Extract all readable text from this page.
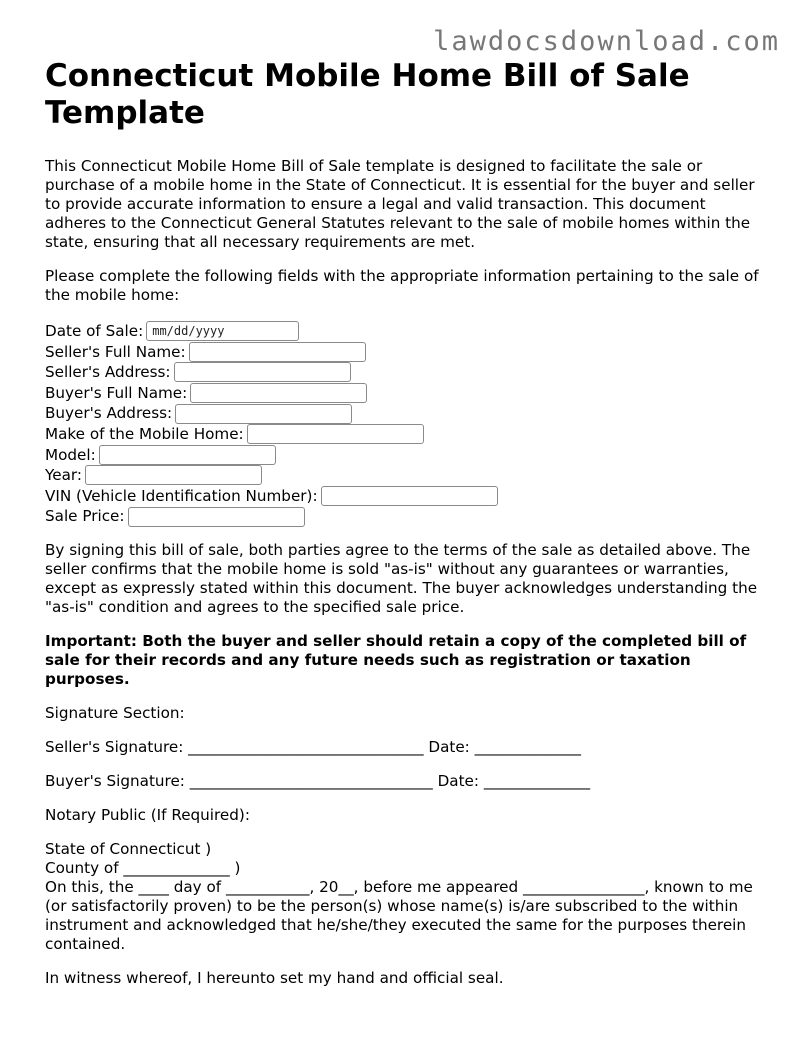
lawdocsdownload.com
Connecticut Mobile Home Bill of Sale Template

This Connecticut Mobile Home Bill of Sale template is designed to facilitate the sale or purchase of a mobile home in the State of Connecticut. It is essential for the buyer and seller to provide accurate information to ensure a legal and valid transaction. This document adheres to the Connecticut General Statutes relevant to the sale of mobile homes within the state, ensuring that all necessary requirements are met.

Please complete the following fields with the appropriate information pertaining to the sale of the mobile home:

Date of Sale: mm/dd/yyyy
Seller's Full Name:
Seller's Address:
Buyer's Full Name:
Buyer's Address:
Make of the Mobile Home:
Model:
Year:
VIN (Vehicle Identification Number):
Sale Price:

By signing this bill of sale, both parties agree to the terms of the sale as detailed above. The seller confirms that the mobile home is sold "as-is" without any guarantees or warranties, except as expressly stated within this document. The buyer acknowledges understanding the "as-is" condition and agrees to the specified sale price.

Important: Both the buyer and seller should retain a copy of the completed bill of sale for their records and any future needs such as registration or taxation purposes.

Signature Section:

Seller's Signature: _______________________________ Date: ______________

Buyer's Signature: ________________________________ Date: ______________

Notary Public (If Required):

State of Connecticut )

County of ______________ )

On this, the ____ day of ___________, 20__, before me appeared ________________, known to me (or satisfactorily proven) to be the person(s) whose name(s) is/are subscribed to the within instrument and acknowledged that he/she/they executed the same for the purposes therein contained.

In witness whereof, I hereunto set my hand and official seal.
